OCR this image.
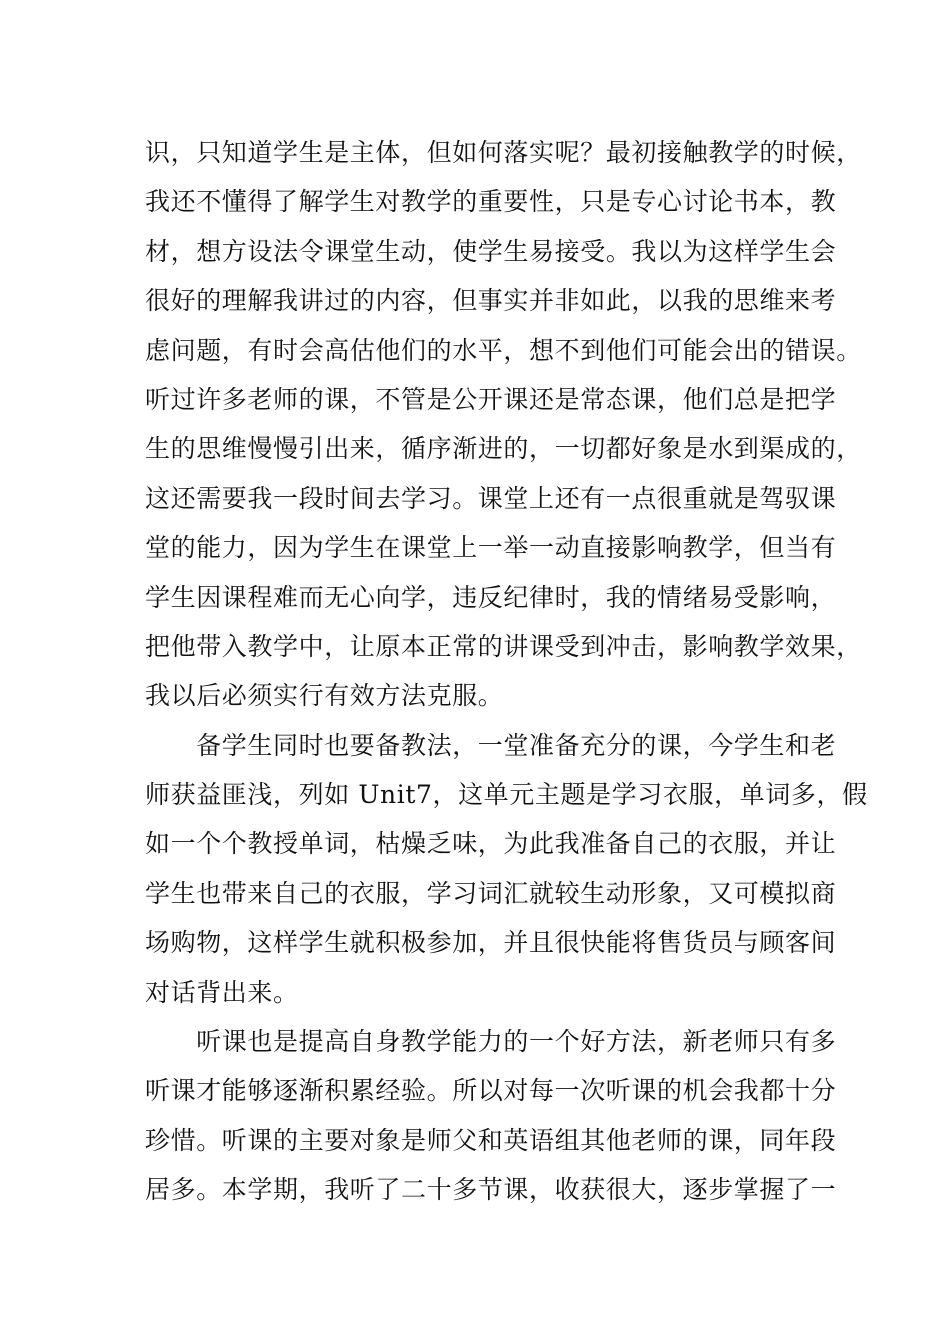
识，只知道学生是主体，但如何落实呢？最初接触教学的时候，
我还不懂得了解学生对教学的重要性，只是专心讨论书本，教
材，想方设法令课堂生动，使学生易接受。我以为这样学生会
很好的理解我讲过的内容，但事实并非如此，以我的思维来考
虑问题，有时会高估他们的水平，想不到他们可能会出的错误。
听过许多老师的课，不管是公开课还是常态课，他们总是把学
生的思维慢慢引出来，循序渐进的，一切都好象是水到渠成的，
这还需要我一段时间去学习。课堂上还有一点很重就是驾驭课
堂的能力，因为学生在课堂上一举一动直接影响教学，但当有
学生因课程难而无心向学，违反纪律时，我的情绪易受影响，
把他带入教学中，让原本正常的讲课受到冲击，影响教学效果，
我以后必须实行有效方法克服。
　　备学生同时也要备教法，一堂准备充分的课，今学生和老
师获益匪浅，列如 Unit7，这单元主题是学习衣服，单词多，假
如一个个教授单词，枯燥乏味，为此我准备自己的衣服，并让
学生也带来自己的衣服，学习词汇就较生动形象，又可模拟商
场购物，这样学生就积极参加，并且很快能将售货员与顾客间
对话背出来。
　　听课也是提高自身教学能力的一个好方法，新老师只有多
听课才能够逐渐积累经验。所以对每一次听课的机会我都十分
珍惜。听课的主要对象是师父和英语组其他老师的课，同年段
居多。本学期，我听了二十多节课，收获很大，逐步掌握了一
